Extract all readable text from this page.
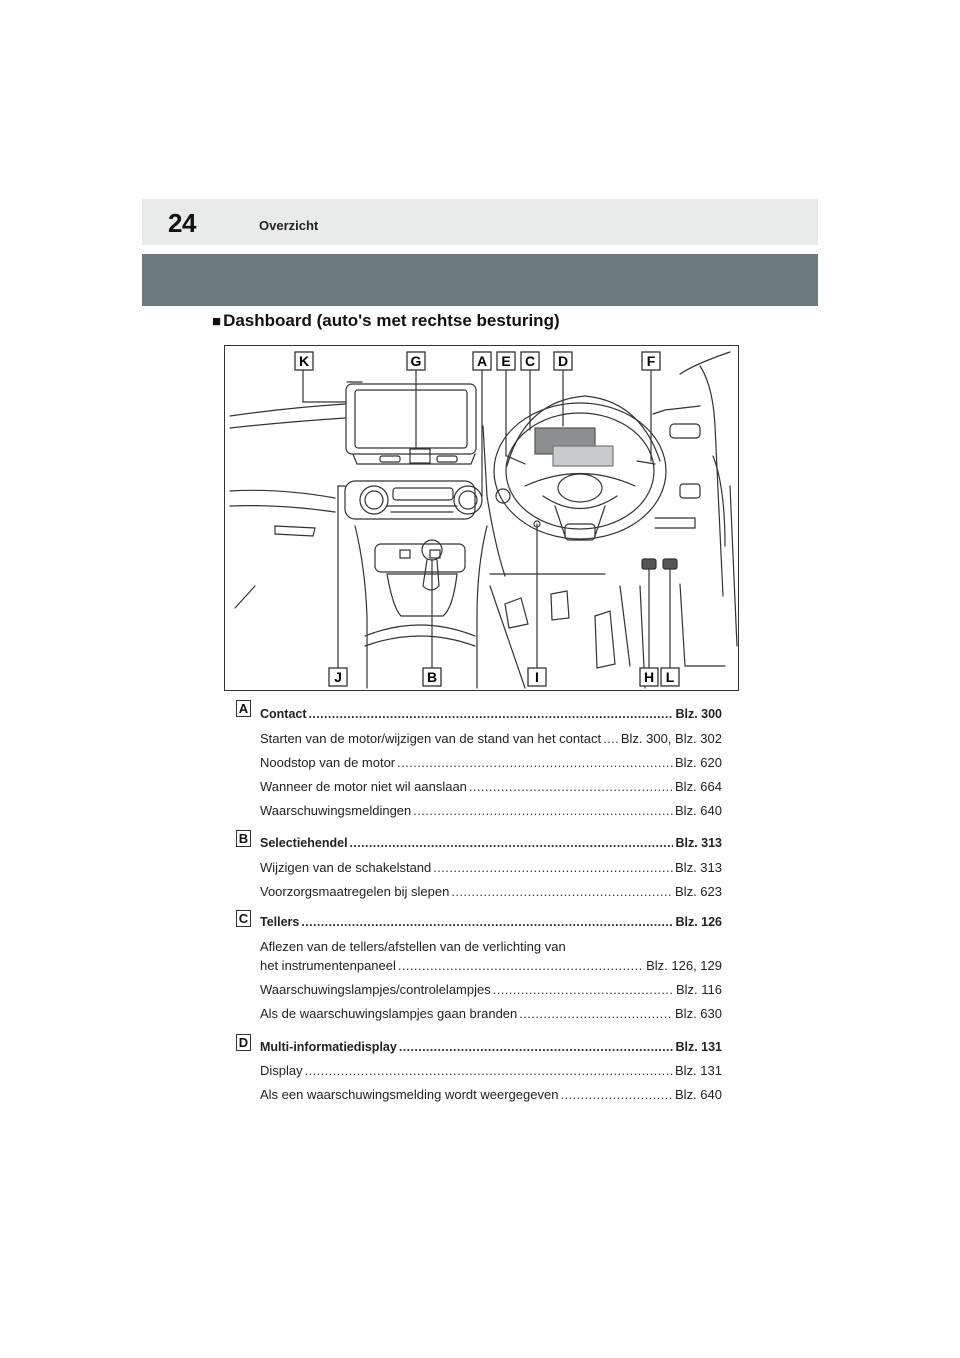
24	Overzicht
■ Dashboard (auto's met rechtse besturing)
K	G	A E C D	F
J	B	I	H L
A Contact .....	Blz. 300
Starten van de motor/wijzigen van de stand van het contact ..... Blz. 300, Blz. 302
Noodstop van de motor .....	Blz. 620
Wanneer de motor niet wil aanslaan .....	Blz. 664
Waarschuwingsmeldingen .....	Blz. 640
B Selectiehendel .....	Blz. 313
Wijzigen van de schakelstand .....	Blz. 313
Voorzorgsmaatregelen bij slepen .....	Blz. 623
C Tellers .....	Blz. 126
Aflezen van de tellers/afstellen van de verlichting van
het instrumentenpaneel .....	Blz. 126, 129
Waarschuwingslampjes/controlelampjes .....	Blz. 116
Als de waarschuwingslampjes gaan branden .....	Blz. 630
D Multi-informatiedisplay .....	Blz. 131
Display .....	Blz. 131
Als een waarschuwingsmelding wordt weergegeven .....	Blz. 640
